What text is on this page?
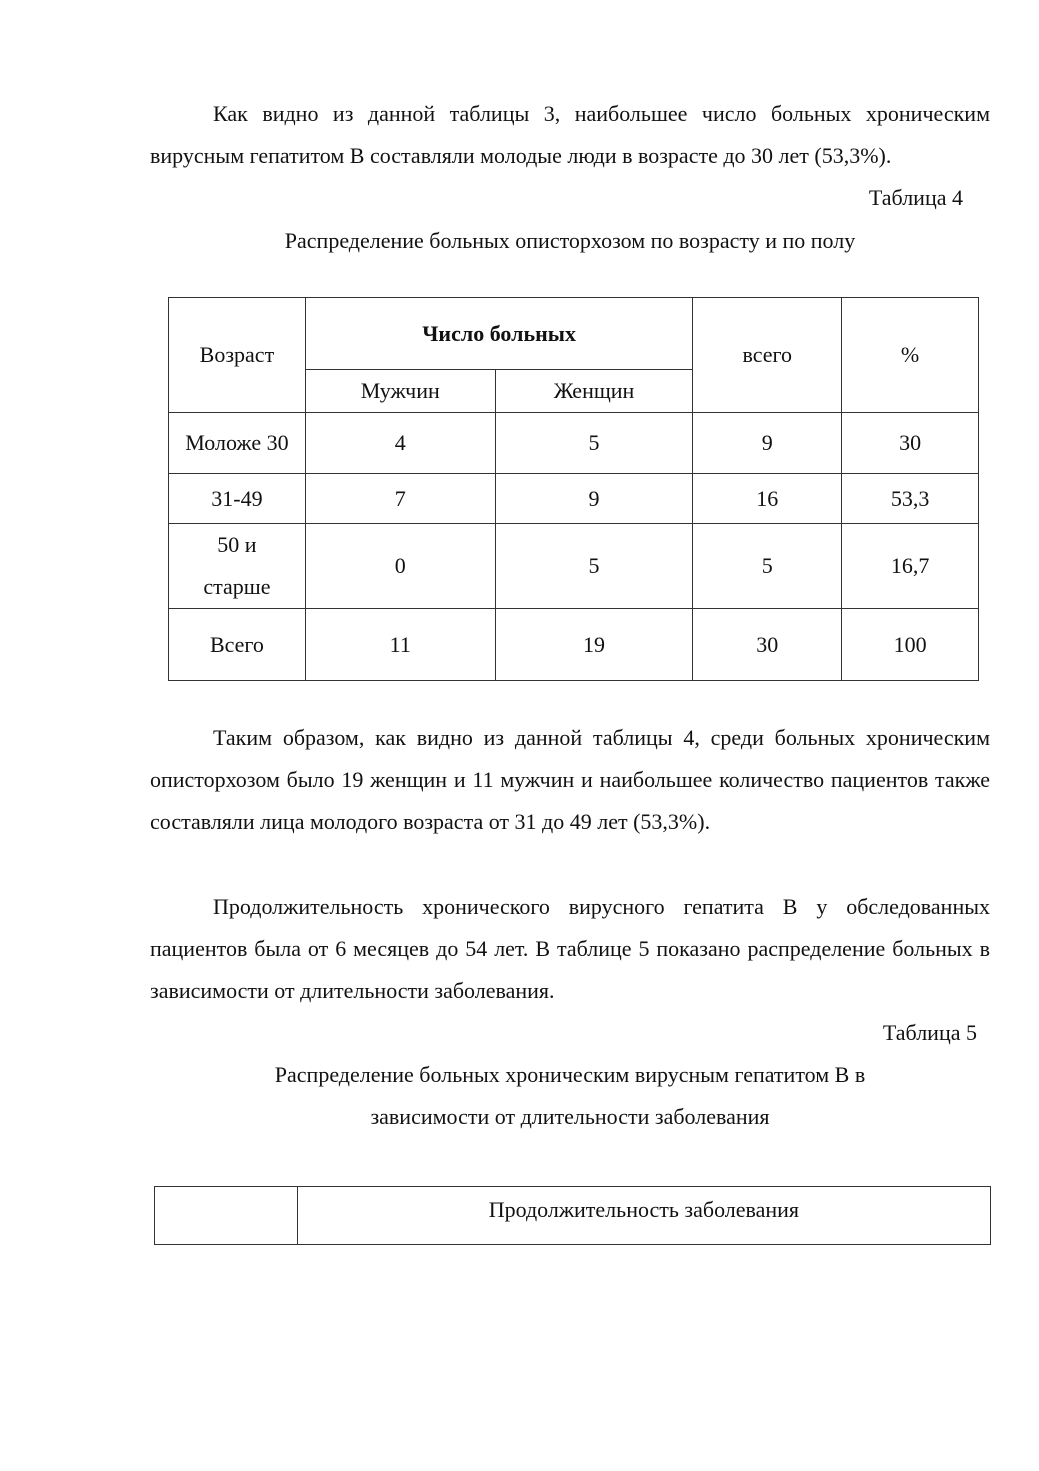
Как видно из данной таблицы 3, наибольшее число больных хроническим вирусным гепатитом В составляли молодые люди в возрасте до 30 лет (53,3%).

Таблица 4

Распределение больных описторхозом по возрасту и по полу

Возраст	Число больных		всего	%
	Мужчин	Женщин		
Моложе 30	4	5	9	30
31-49	7	9	16	53,3
50 и
старше	0	5	5	16,7
Всего	11	19	30	100

Таким образом, как видно из данной таблицы 4, среди больных хроническим описторхозом было 19 женщин и 11 мужчин и наибольшее количество пациентов также составляли лица молодого возраста от 31 до 49 лет (53,3%).

Продолжительность хронического вирусного гепатита В у обследованных пациентов была от 6 месяцев до 54 лет. В таблице 5 показано распределение больных в зависимости от длительности заболевания.

Таблица 5

Распределение больных хроническим вирусным гепатитом В в

зависимости от длительности заболевания

	Продолжительность заболевания
